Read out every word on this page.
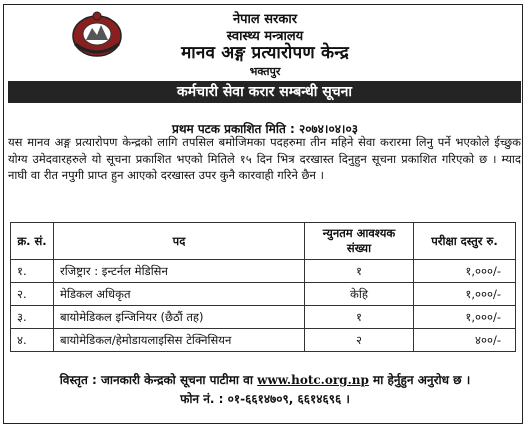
नेपाल सरकार
स्वास्थ्य मन्त्रालय
मानव अङ्ग प्रत्यारोपण केन्द्र
भक्तपुर
कर्मचारी सेवा करार सम्बन्धी सूचना
प्रथम पटक प्रकाशित मिति : २०७४।०४।०३
यस मानव अङ्ग प्रत्यारोपण केन्द्रको लागि तपसिल बमोजिमका पदहरुमा तीन महिने सेवा करारमा लिनु पर्ने भएकोले ईच्छुक योग्य उमेदवारहरुले यो सूचना प्रकाशित भएको मितिले १५ दिन भित्र दरखास्त दिनुहुन सूचना प्रकाशित गरिएको छ । म्याद नाघी वा रीत नपुगी प्राप्त हुन आएको दरखास्त उपर कुनै कारवाही गरिने छैन ।
क्र. सं.	पद	न्युनतम आवश्यक संख्या	परीक्षा दस्तुर रु.
१.	रजिष्ट्रार : इन्टर्नल मेडिसिन	१	१,०००/-
२.	मेडिकल अधिकृत	केहि	१,०००/-
३.	बायोमेडिकल इन्जिनियर (छैठौं तह)	१	१,०००/-
४.	बायोमेडिकल/हेमोडायलाइसिस टेक्निसियन	२	४००/-
विस्तृत : जानकारी केन्द्रको सूचना पाटीमा वा www.hotc.org.np मा हेर्नुहुन अनुरोध छ ।
फोन नं. : ०१-६६१४७०९, ६६१४६९६ ।
